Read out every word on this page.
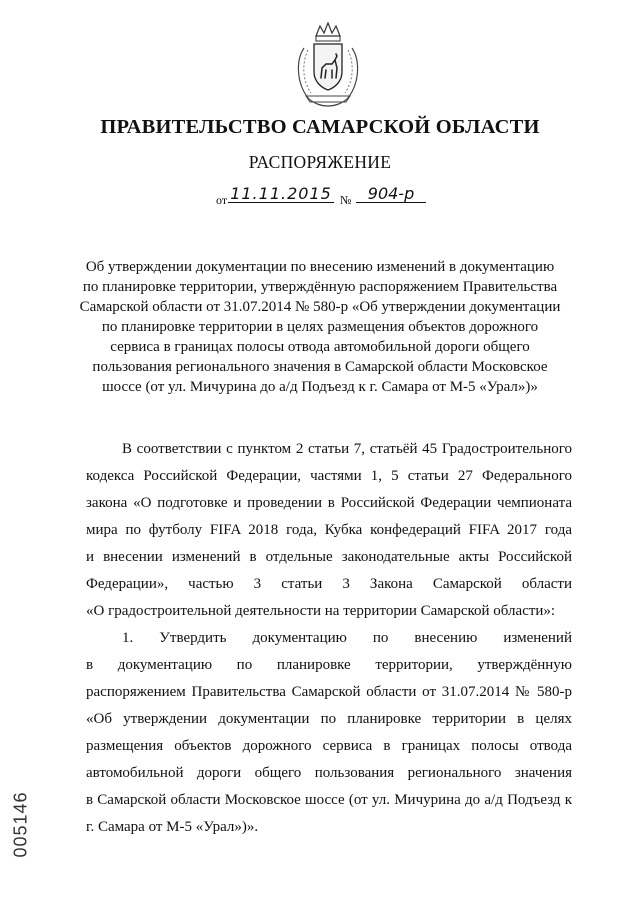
ПРАВИТЕЛЬСТВО САМАРСКОЙ ОБЛАСТИ
РАСПОРЯЖЕНИЕ
от 11.11.2015 №	904-р
Об утверждении документации по внесению изменений в документацию
по планировке территории, утверждённую распоряжением Правительства
Самарской области от 31.07.2014 № 580-р «Об утверждении документации
по планировке территории в целях размещения объектов дорожного
сервиса в границах полосы отвода автомобильной дороги общего
пользования регионального значения в Самарской области Московское
шоссе (от ул. Мичурина до а/д Подъезд к г. Самара от М-5 «Урал»)»
В соответствии с пунктом 2 статьи 7, статьёй 45 Градостроительного
кодекса Российской Федерации, частями 1, 5 статьи 27 Федерального
закона «О подготовке и проведении в Российской Федерации чемпионата
мира по футболу FIFA 2018 года, Кубка конфедераций FIFA 2017 года
и внесении изменений в отдельные законодательные акты Российской
Федерации», частью 3 статьи 3 Закона Самарской области
«О градостроительной деятельности на территории Самарской области»:
1. Утвердить документацию по внесению изменений
в документацию по планировке территории, утверждённую
распоряжением Правительства Самарской области от 31.07.2014 № 580-р
«Об утверждении документации по планировке территории в целях
размещения объектов дорожного сервиса в границах полосы отвода
автомобильной дороги общего пользования регионального значения
в Самарской области Московское шоссе (от ул. Мичурина до а/д Подъезд к
г. Самара от М-5 «Урал»)».
005146
